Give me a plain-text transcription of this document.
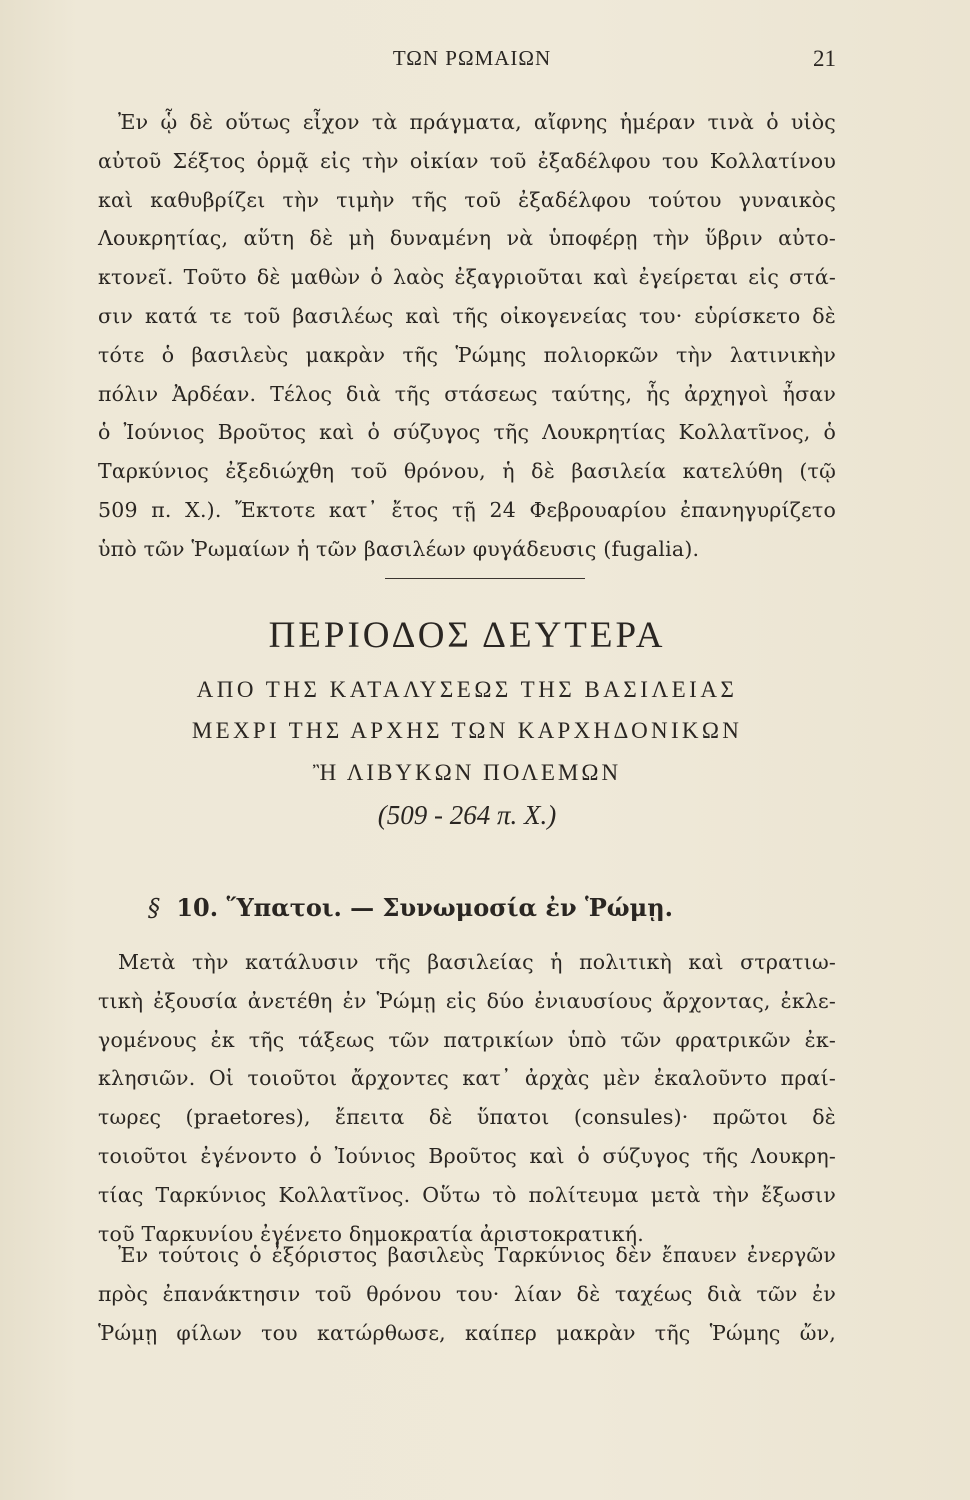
ΤΩΝ ΡΩΜΑΙΩΝ	21
Ἐν ᾧ δὲ οὕτως εἶχον τὰ πράγματα, αἴφνης ἡμέραν τινὰ ὁ υἱὸς
αὐτοῦ Σέξτος ὁρμᾷ εἰς τὴν οἰκίαν τοῦ ἐξαδέλφου του Κολλατίνου
καὶ καθυβρίζει τὴν τιμὴν τῆς τοῦ ἐξαδέλφου τούτου γυναικὸς
Λουκρητίας, αὕτη δὲ μὴ δυναμένη νὰ ὑποφέρῃ τὴν ὕβριν αὐτο-
κτονεῖ. Τοῦτο δὲ μαθὼν ὁ λαὸς ἐξαγριοῦται καὶ ἐγείρεται εἰς στά-
σιν κατά τε τοῦ βασιλέως καὶ τῆς οἰκογενείας του· εὑρίσκετο δὲ
τότε ὁ βασιλεὺς μακρὰν τῆς Ῥώμης πολιορκῶν τὴν λατινικὴν
πόλιν Ἀρδέαν. Τέλος διὰ τῆς στάσεως ταύτης, ἧς ἀρχηγοὶ ἦσαν
ὁ Ἰούνιος Βροῦτος καὶ ὁ σύζυγος τῆς Λουκρητίας Κολλατῖνος, ὁ
Ταρκύνιος ἐξεδιώχθη τοῦ θρόνου, ἡ δὲ βασιλεία κατελύθη (τῷ
509 π. Χ.). Ἔκτοτε κατ᾽ ἔτος τῇ 24 Φεβρουαρίου ἐπανηγυρίζετο
ὑπὸ τῶν Ῥωμαίων ἡ τῶν βασιλέων φυγάδευσις (fugalia).
ΠΕΡΙΟΔΟΣ ΔΕΥΤΕΡΑ
ΑΠΟ ΤΗΣ ΚΑΤΑΛΥΣΕΩΣ ΤΗΣ ΒΑΣΙΛΕΙΑΣ
ΜΕΧΡΙ ΤΗΣ ΑΡΧΗΣ ΤΩΝ ΚΑΡΧΗΔΟΝΙΚΩΝ
Ἢ ΛΙΒΥΚΩΝ ΠΟΛΕΜΩΝ
(509 - 264 π. Χ.)
§ 10. Ὕπατοι. — Συνωμοσία ἐν Ῥώμῃ.
Μετὰ τὴν κατάλυσιν τῆς βασιλείας ἡ πολιτικὴ καὶ στρατιω-
τικὴ ἐξουσία ἀνετέθη ἐν Ῥώμῃ εἰς δύο ἐνιαυσίους ἄρχοντας, ἐκλε-
γομένους ἐκ τῆς τάξεως τῶν πατρικίων ὑπὸ τῶν φρατρικῶν ἐκ-
κλησιῶν. Οἱ τοιοῦτοι ἄρχοντες κατ᾽ ἀρχὰς μὲν ἐκαλοῦντο πραί-
τωρες (praetores), ἔπειτα δὲ ὕπατοι (consules)· πρῶτοι δὲ
τοιοῦτοι ἐγένοντο ὁ Ἰούνιος Βροῦτος καὶ ὁ σύζυγος τῆς Λουκρη-
τίας Ταρκύνιος Κολλατῖνος. Οὕτω τὸ πολίτευμα μετὰ τὴν ἔξωσιν
τοῦ Ταρκυνίου ἐγένετο δημοκρατία ἀριστοκρατική.
Ἐν τούτοις ὁ ἐξόριστος βασιλεὺς Ταρκύνιος δὲν ἔπαυεν ἐνεργῶν
πρὸς ἐπανάκτησιν τοῦ θρόνου του· λίαν δὲ ταχέως διὰ τῶν ἐν
Ῥώμῃ φίλων του κατώρθωσε, καίπερ μακρὰν τῆς Ῥώμης ὤν,
